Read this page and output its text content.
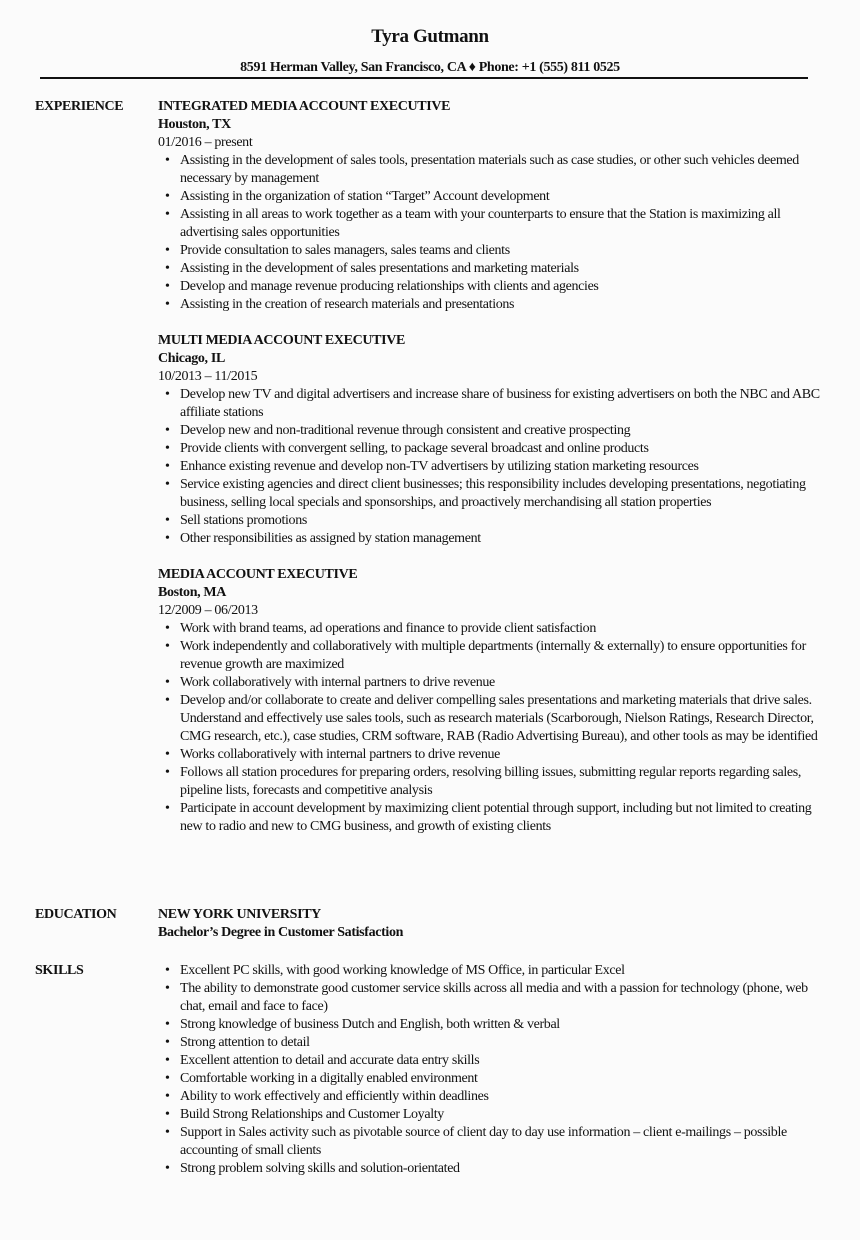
Tyra Gutmann
8591 Herman Valley, San Francisco, CA ♦ Phone: +1 (555) 811 0525
EXPERIENCE INTEGRATED MEDIA ACCOUNT EXECUTIVE
Houston, TX
01/2016 – present
• Assisting in the development of sales tools, presentation materials such as case studies, or other such vehicles deemed necessary by management
• Assisting in the organization of station “Target” Account development
• Assisting in all areas to work together as a team with your counterparts to ensure that the Station is maximizing all advertising sales opportunities
• Provide consultation to sales managers, sales teams and clients
• Assisting in the development of sales presentations and marketing materials
• Develop and manage revenue producing relationships with clients and agencies
• Assisting in the creation of research materials and presentations
MULTI MEDIA ACCOUNT EXECUTIVE
Chicago, IL
10/2013 – 11/2015
• Develop new TV and digital advertisers and increase share of business for existing advertisers on both the NBC and ABC affiliate stations
• Develop new and non-traditional revenue through consistent and creative prospecting
• Provide clients with convergent selling, to package several broadcast and online products
• Enhance existing revenue and develop non-TV advertisers by utilizing station marketing resources
• Service existing agencies and direct client businesses; this responsibility includes developing presentations, negotiating business, selling local specials and sponsorships, and proactively merchandising all station properties
• Sell stations promotions
• Other responsibilities as assigned by station management
MEDIA ACCOUNT EXECUTIVE
Boston, MA
12/2009 – 06/2013
• Work with brand teams, ad operations and finance to provide client satisfaction
• Work independently and collaboratively with multiple departments (internally & externally) to ensure opportunities for revenue growth are maximized
• Work collaboratively with internal partners to drive revenue
• Develop and/or collaborate to create and deliver compelling sales presentations and marketing materials that drive sales. Understand and effectively use sales tools, such as research materials (Scarborough, Nielson Ratings, Research Director, CMG research, etc.), case studies, CRM software, RAB (Radio Advertising Bureau), and other tools as may be identified
• Works collaboratively with internal partners to drive revenue
• Follows all station procedures for preparing orders, resolving billing issues, submitting regular reports regarding sales, pipeline lists, forecasts and competitive analysis
• Participate in account development by maximizing client potential through support, including but not limited to creating new to radio and new to CMG business, and growth of existing clients
EDUCATION	NEW YORK UNIVERSITY
Bachelor’s Degree in Customer Satisfaction
SKILLS	• Excellent PC skills, with good working knowledge of MS Office, in particular Excel
• The ability to demonstrate good customer service skills across all media and with a passion for technology (phone, web chat, email and face to face)
• Strong knowledge of business Dutch and English, both written & verbal
• Strong attention to detail
• Excellent attention to detail and accurate data entry skills
• Comfortable working in a digitally enabled environment
• Ability to work effectively and efficiently within deadlines
• Build Strong Relationships and Customer Loyalty
• Support in Sales activity such as pivotable source of client day to day use information – client e-mailings – possible accounting of small clients
• Strong problem solving skills and solution-orientated
